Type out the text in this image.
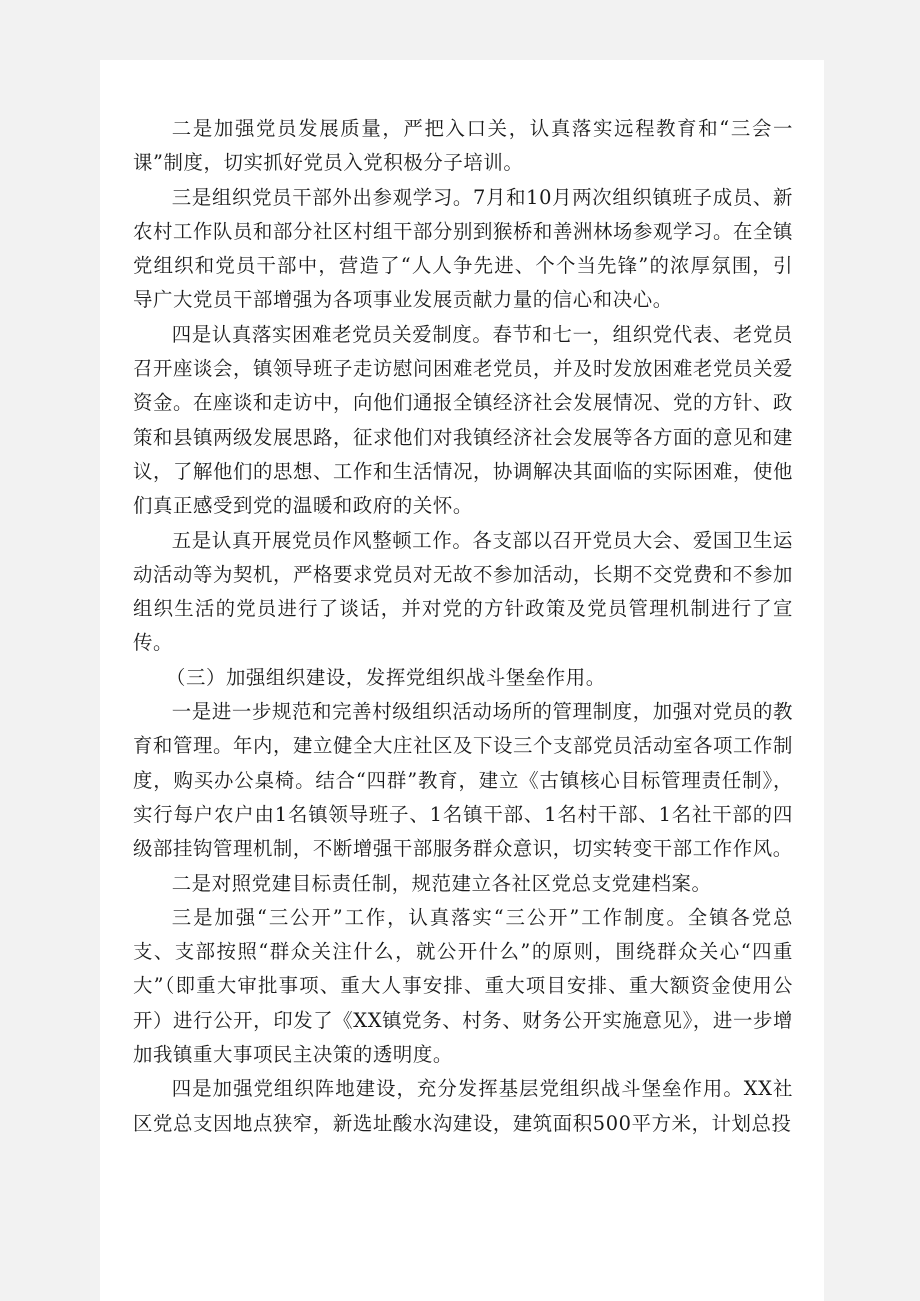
二是加强党员发展质量，严把入口关，认真落实远程教育和“三会一课”制度，切实抓好党员入党积极分子培训。

三是组织党员干部外出参观学习。7月和10月两次组织镇班子成员、新农村工作队员和部分社区村组干部分别到猴桥和善洲林场参观学习。在全镇党组织和党员干部中，营造了“人人争先进、个个当先锋”的浓厚氛围，引导广大党员干部增强为各项事业发展贡献力量的信心和决心。

四是认真落实困难老党员关爱制度。春节和七一，组织党代表、老党员召开座谈会，镇领导班子走访慰问困难老党员，并及时发放困难老党员关爱资金。在座谈和走访中，向他们通报全镇经济社会发展情况、党的方针、政策和县镇两级发展思路，征求他们对我镇经济社会发展等各方面的意见和建议，了解他们的思想、工作和生活情况，协调解决其面临的实际困难，使他们真正感受到党的温暖和政府的关怀。

五是认真开展党员作风整顿工作。各支部以召开党员大会、爱国卫生运动活动等为契机，严格要求党员对无故不参加活动，长期不交党费和不参加组织生活的党员进行了谈话，并对党的方针政策及党员管理机制进行了宣传。

（三）加强组织建设，发挥党组织战斗堡垒作用。

一是进一步规范和完善村级组织活动场所的管理制度，加强对党员的教育和管理。年内，建立健全大庄社区及下设三个支部党员活动室各项工作制度，购买办公桌椅。结合“四群”教育，建立《古镇核心目标管理责任制》，实行每户农户由1名镇领导班子、1名镇干部、1名村干部、1名社干部的四级部挂钩管理机制，不断增强干部服务群众意识，切实转变干部工作作风。

二是对照党建目标责任制，规范建立各社区党总支党建档案。

三是加强“三公开”工作，认真落实“三公开”工作制度。全镇各党总支、支部按照“群众关注什么，就公开什么”的原则，围绕群众关心“四重大”（即重大审批事项、重大人事安排、重大项目安排、重大额资金使用公开）进行公开，印发了《XX镇党务、村务、财务公开实施意见》，进一步增加我镇重大事项民主决策的透明度。

四是加强党组织阵地建设，充分发挥基层党组织战斗堡垒作用。XX社区党总支因地点狭窄，新选址酸水沟建设，建筑面积500平方米，计划总投
